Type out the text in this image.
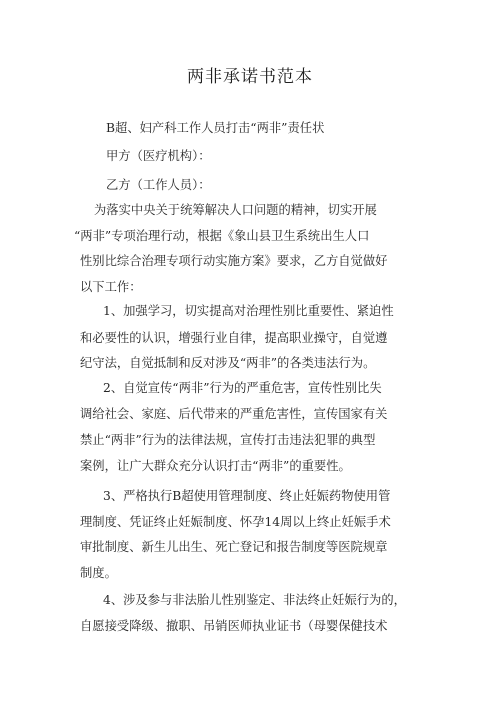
两非承诺书范本
B超、妇产科工作人员打击“两非”责任状
甲方（医疗机构）：
乙方（工作人员）：
为落实中央关于统筹解决人口问题的精神，切实开展
“两非”专项治理行动，根据《象山县卫生系统出生人口
性别比综合治理专项行动实施方案》要求，乙方自觉做好
以下工作：
1、加强学习，切实提高对治理性别比重要性、紧迫性
和必要性的认识，增强行业自律，提高职业操守，自觉遵
纪守法，自觉抵制和反对涉及“两非”的各类违法行为。
2、自觉宣传“两非”行为的严重危害，宣传性别比失
调给社会、家庭、后代带来的严重危害性，宣传国家有关
禁止“两非”行为的法律法规，宣传打击违法犯罪的典型
案例，让广大群众充分认识打击“两非”的重要性。
3、严格执行B超使用管理制度、终止妊娠药物使用管
理制度、凭证终止妊娠制度、怀孕14周以上终止妊娠手术
审批制度、新生儿出生、死亡登记和报告制度等医院规章
制度。
4、涉及参与非法胎儿性别鉴定、非法终止妊娠行为的，
自愿接受降级、撤职、吊销医师执业证书（母婴保健技术
